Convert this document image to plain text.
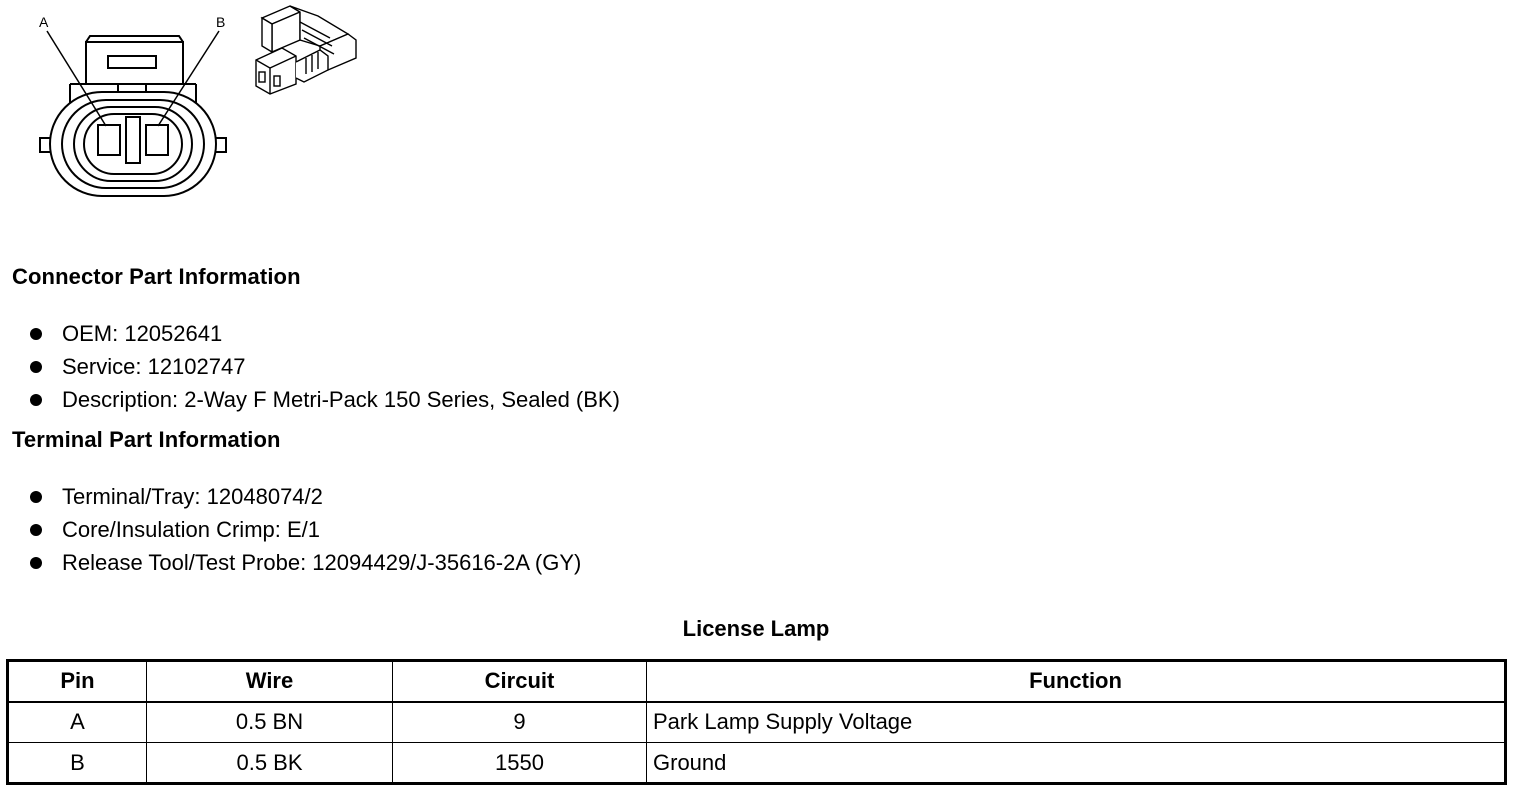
A	B
Connector Part Information
OEM: 12052641
Service: 12102747
Description: 2-Way F Metri-Pack 150 Series, Sealed (BK)
Terminal Part Information
Terminal/Tray: 12048074/2
Core/Insulation Crimp: E/1
Release Tool/Test Probe: 12094429/J-35616-2A (GY)
License Lamp
Pin	Wire	Circuit	Function
A	0.5 BN	9	Park Lamp Supply Voltage
B	0.5 BK	1550	Ground
